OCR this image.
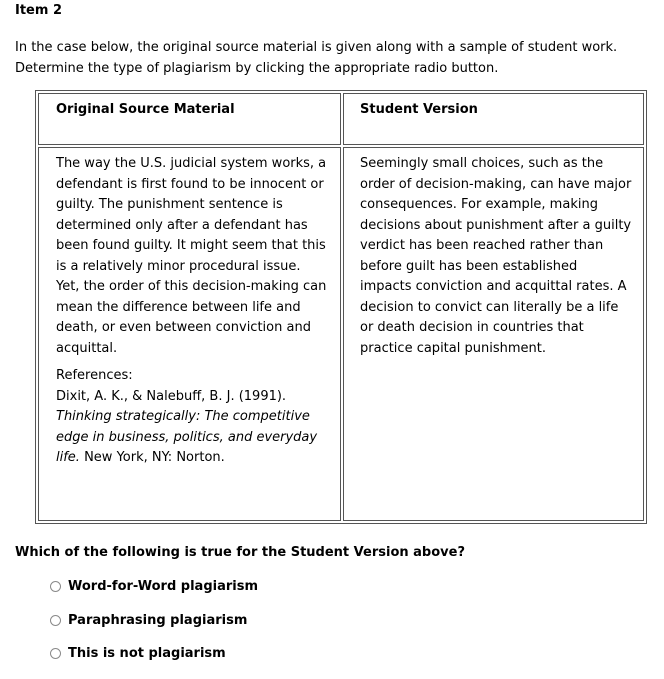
Item 2
In the case below, the original source material is given along with a sample of student work. Determine the type of plagiarism by clicking the appropriate radio button.
Original Source Material	Student Version
The way the U.S. judicial system works, a defendant is first found to be innocent or guilty. The punishment sentence is determined only after a defendant has been found guilty. It might seem that this is a relatively minor procedural issue. Yet, the order of this decision-making can mean the difference between life and death, or even between conviction and acquittal.
References:
Dixit, A. K., & Nalebuff, B. J. (1991). Thinking strategically: The competitive edge in business, politics, and everyday life. New York, NY: Norton.
Seemingly small choices, such as the order of decision-making, can have major consequences. For example, making decisions about punishment after a guilty verdict has been reached rather than before guilt has been established impacts conviction and acquittal rates. A decision to convict can literally be a life or death decision in countries that practice capital punishment.
Which of the following is true for the Student Version above?
Word-for-Word plagiarism
Paraphrasing plagiarism
This is not plagiarism
